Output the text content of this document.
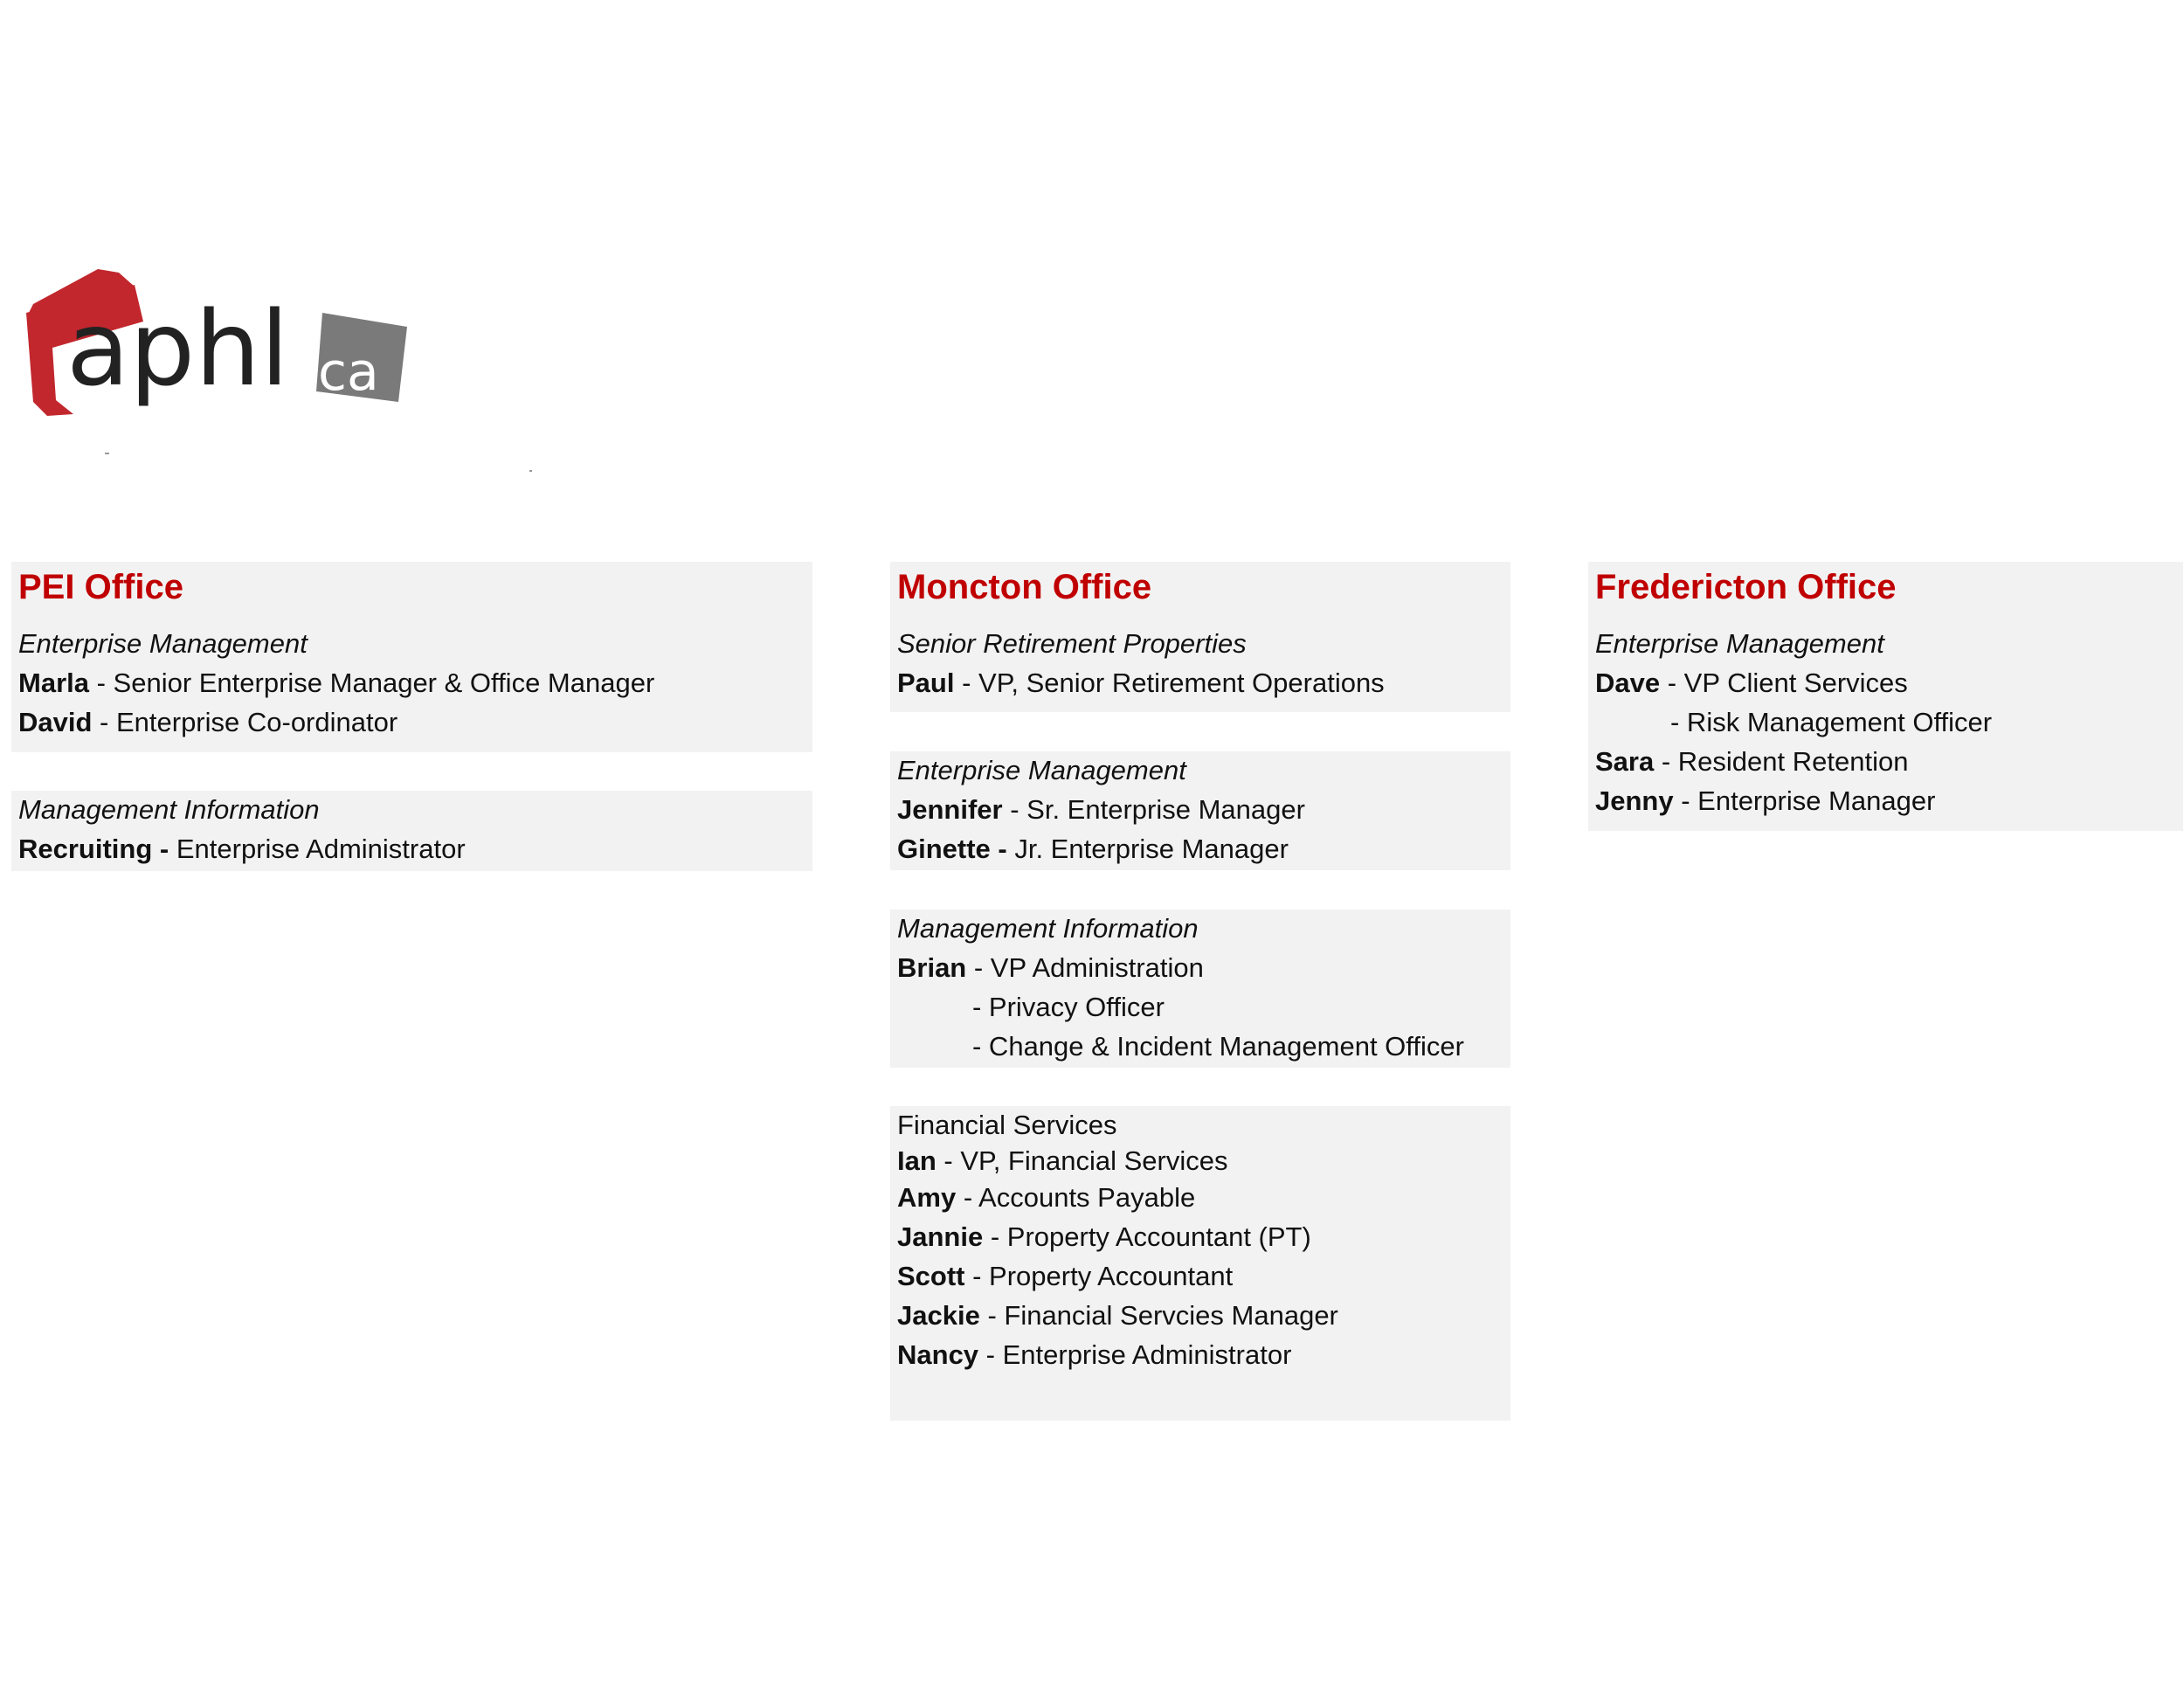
aphl ca
Enterprise Management
Marla - Senior Enterprise Manager & Office Manager
David - Enterprise Co-ordinator
PEI Office
Management Information
Recruiting - Enterprise Administrator
Senior Retirement Properties
Paul - VP, Senior Retirement Operations
Moncton Office
Enterprise Management
Jennifer - Sr. Enterprise Manager
Ginette - Jr. Enterprise Manager
Management Information
Brian - VP Administration
- Privacy Officer
- Change & Incident Management Officer
Financial Services
Ian - VP, Financial Services
Amy - Accounts Payable
Jannie - Property Accountant (PT)
Scott - Property Accountant
Jackie - Financial Servcies Manager
Nancy - Enterprise Administrator
Enterprise Management
Dave - VP Client Services
- Risk Management Officer
Sara - Resident Retention
Jenny - Enterprise Manager
Fredericton Office
